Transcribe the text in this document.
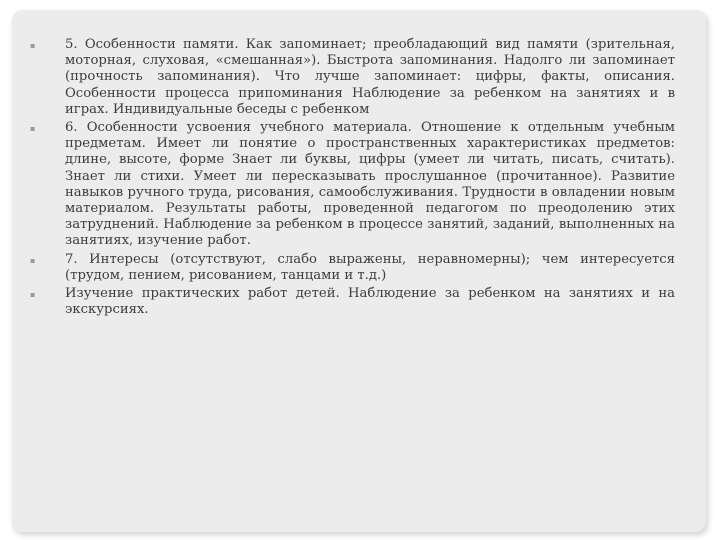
▪ 5. Особенности памяти. Как запоминает; преобладающий вид памяти (зрительная, моторная, слуховая, «смешанная»). Быстрота запоминания. Надолго ли запоминает (прочность запоминания). Что лучше запоминает: цифры, факты, описания. Особенности процесса припоминания Наблюдение за ребенком на занятиях и в играх. Индивидуальные беседы с ребенком
▪ 6. Особенности усвоения учебного материала. Отношение к отдельным учебным предметам. Имеет ли понятие о пространственных характеристиках предметов: длине, высоте, форме Знает ли буквы, цифры (умеет ли читать, писать, считать). Знает ли стихи. Умеет ли пересказывать прослушанное (прочитанное). Развитие навыков ручного труда, рисования, самообслуживания. Трудности в овладении новым материалом. Результаты работы, проведенной педагогом по преодолению этих затруднений. Наблюдение за ребенком в процессе занятий, заданий, выполненных на занятиях, изучение работ.
▪ 7. Интересы (отсутствуют, слабо выражены, неравномерны); чем интересуется (трудом, пением, рисованием, танцами и т.д.)
▪ Изучение практических работ детей. Наблюдение за ребенком на занятиях и на экскурсиях.
